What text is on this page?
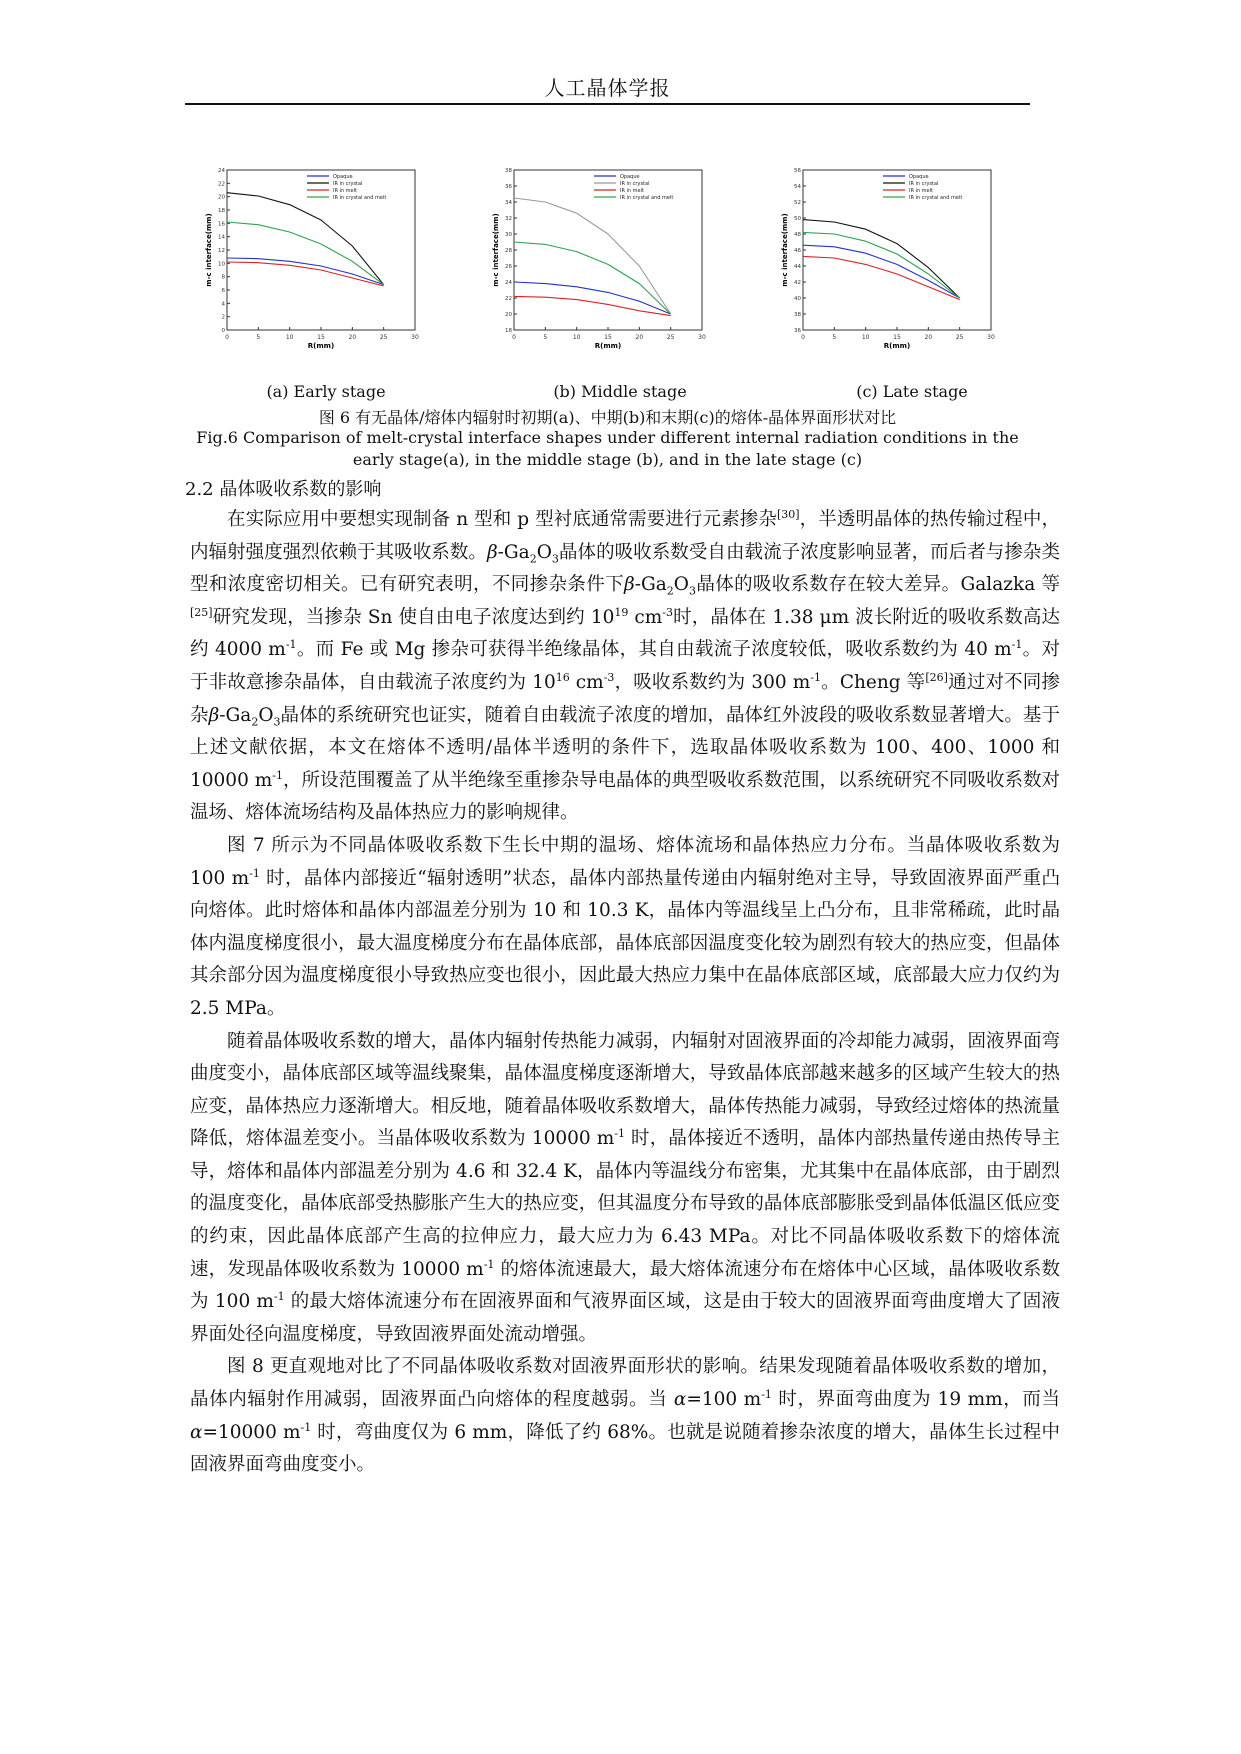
人工晶体学报
0	5	10	15	20	25	30
0
2
4
6
8
10
12
14
16
18
20
22
24
R(mm)
m-c interface(mm)
Opaque
IR in crystal
IR in melt
IR in crystal and melt
0	5	10	15	20	25	30
18
20
22
24
26
28
30
32
34
36
38
R(mm)
m-c interface(mm)
Opaque
IR in crystal
IR in melt
IR in crystal and melt
0	5	10	15	20	25	30
36
38
40
42
44
46
48
50
52
54
56
R(mm)
m-c interface(mm)
Opaque
IR in crystal
IR in melt
IR in crystal and melt
(a) Early stage	(b) Middle stage	(c) Late stage
图 6 有无晶体/熔体内辐射时初期(a)、中期(b)和末期(c)的熔体-晶体界面形状对比
Fig.6 Comparison of melt-crystal interface shapes under different internal radiation conditions in the early stage(a), in the middle stage (b), and in the late stage (c)
2.2 晶体吸收系数的影响

在实际应用中要想实现制备 n 型和 p 型衬底通常需要进行元素掺杂[30]，半透明晶体的热传输过程中，内辐射强度强烈依赖于其吸收系数。$\beta-Ga_2O_3$晶体的吸收系数受自由载流子浓度影响显著，而后者与掺杂类型和浓度密切相关。已有研究表明，不同掺杂条件下$\beta-Ga_2O_3$晶体的吸收系数存在较大差异。Galazka 等[25]研究发现，当掺杂 Sn 使自由电子浓度达到约 $10^{19}$ $cm^{-3}$时，晶体在 1.38 μm 波长附近的吸收系数高达约 4000 $m^{-1}$。而 Fe 或 Mg 掺杂可获得半绝缘晶体，其自由载流子浓度较低，吸收系数约为 40 $m^{-1}$。对于非故意掺杂晶体，自由载流子浓度约为 $10^{16}$ $cm^{-3}$，吸收系数约为 300 $m^{-1}$。Cheng 等[26]通过对不同掺杂$\beta-Ga_2O_3$晶体的系统研究也证实，随着自由载流子浓度的增加，晶体红外波段的吸收系数显著增大。基于上述文献依据，本文在熔体不透明/晶体半透明的条件下，选取晶体吸收系数为 100、400、1000 和 10000 $m^{-1}$，所设范围覆盖了从半绝缘至重掺杂导电晶体的典型吸收系数范围，以系统研究不同吸收系数对温场、熔体流场结构及晶体热应力的影响规律。

图 7 所示为不同晶体吸收系数下生长中期的温场、熔体流场和晶体热应力分布。当晶体吸收系数为 100 $m^{-1}$ 时，晶体内部接近“辐射透明”状态，晶体内部热量传递由内辐射绝对主导，导致固液界面严重凸向熔体。此时熔体和晶体内部温差分别为 10 和 10.3 K，晶体内等温线呈上凸分布，且非常稀疏，此时晶体内温度梯度很小，最大温度梯度分布在晶体底部，晶体底部因温度变化较为剧烈有较大的热应变，但晶体其余部分因为温度梯度很小导致热应变也很小，因此最大热应力集中在晶体底部区域，底部最大应力仅约为 2.5 MPa。

随着晶体吸收系数的增大，晶体内辐射传热能力减弱，内辐射对固液界面的冷却能力减弱，固液界面弯曲度变小，晶体底部区域等温线聚集，晶体温度梯度逐渐增大，导致晶体底部越来越多的区域产生较大的热应变，晶体热应力逐渐增大。相反地，随着晶体吸收系数增大，晶体传热能力减弱，导致经过熔体的热流量降低，熔体温差变小。当晶体吸收系数为 10000 $m^{-1}$ 时，晶体接近不透明，晶体内部热量传递由热传导主导，熔体和晶体内部温差分别为 4.6 和 32.4 K，晶体内等温线分布密集，尤其集中在晶体底部，由于剧烈的温度变化，晶体底部受热膨胀产生大的热应变，但其温度分布导致的晶体底部膨胀受到晶体低温区低应变的约束，因此晶体底部产生高的拉伸应力，最大应力为 6.43 MPa。对比不同晶体吸收系数下的熔体流速，发现晶体吸收系数为 10000 $m^{-1}$ 的熔体流速最大，最大熔体流速分布在熔体中心区域，晶体吸收系数为 100 $m^{-1}$ 的最大熔体流速分布在固液界面和气液界面区域，这是由于较大的固液界面弯曲度增大了固液界面处径向温度梯度，导致固液界面处流动增强。

图 8 更直观地对比了不同晶体吸收系数对固液界面形状的影响。结果发现随着晶体吸收系数的增加，晶体内辐射作用减弱，固液界面凸向熔体的程度越弱。当 α=100 $m^{-1}$ 时，界面弯曲度为 19 mm，而当 α=10000 $m^{-1}$ 时，弯曲度仅为 6 mm，降低了约 68%。也就是说随着掺杂浓度的增大，晶体生长过程中固液界面弯曲度变小。
